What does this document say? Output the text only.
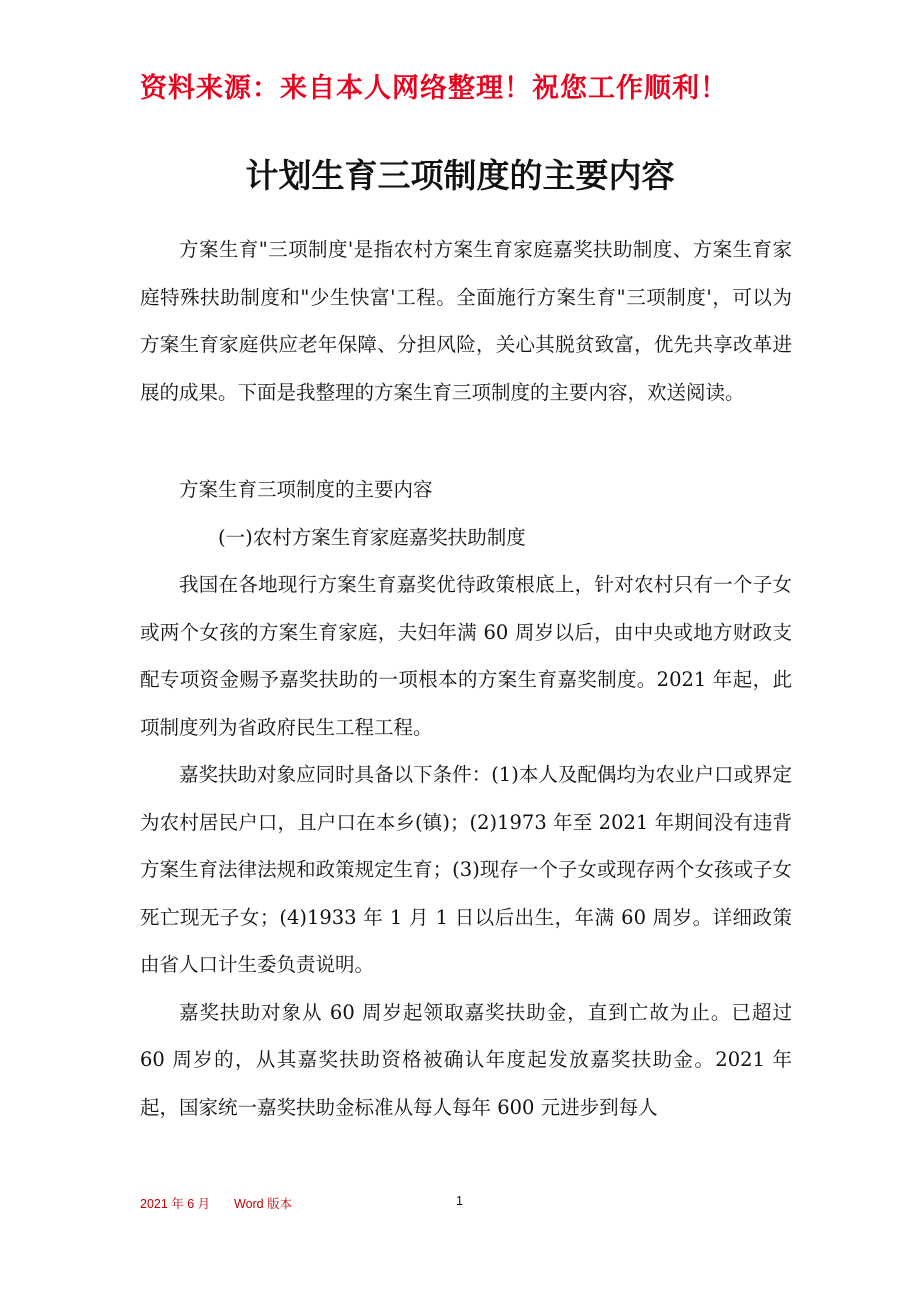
资料来源：来自本人网络整理！祝您工作顺利！

计划生育三项制度的主要内容

方案生育"三项制度'是指农村方案生育家庭嘉奖扶助制度、方案生育家庭特殊扶助制度和"少生快富'工程。全面施行方案生育"三项制度'，可以为方案生育家庭供应老年保障、分担风险，关心其脱贫致富，优先共享改革进展的成果。下面是我整理的方案生育三项制度的主要内容，欢送阅读。

方案生育三项制度的主要内容

(一)农村方案生育家庭嘉奖扶助制度

我国在各地现行方案生育嘉奖优待政策根底上，针对农村只有一个子女或两个女孩的方案生育家庭，夫妇年满 60 周岁以后，由中央或地方财政支配专项资金赐予嘉奖扶助的一项根本的方案生育嘉奖制度。2021 年起，此项制度列为省政府民生工程工程。

嘉奖扶助对象应同时具备以下条件：(1)本人及配偶均为农业户口或界定为农村居民户口，且户口在本乡(镇)；(2)1973 年至 2021 年期间没有违背方案生育法律法规和政策规定生育；(3)现存一个子女或现存两个女孩或子女死亡现无子女；(4)1933 年 1 月 1 日以后出生，年满 60 周岁。详细政策由省人口计生委负责说明。

嘉奖扶助对象从 60 周岁起领取嘉奖扶助金，直到亡故为止。已超过 60 周岁的，从其嘉奖扶助资格被确认年度起发放嘉奖扶助金。2021 年起，国家统一嘉奖扶助金标准从每人每年 600 元进步到每人

2021 年 6 月 Word 版本	1
